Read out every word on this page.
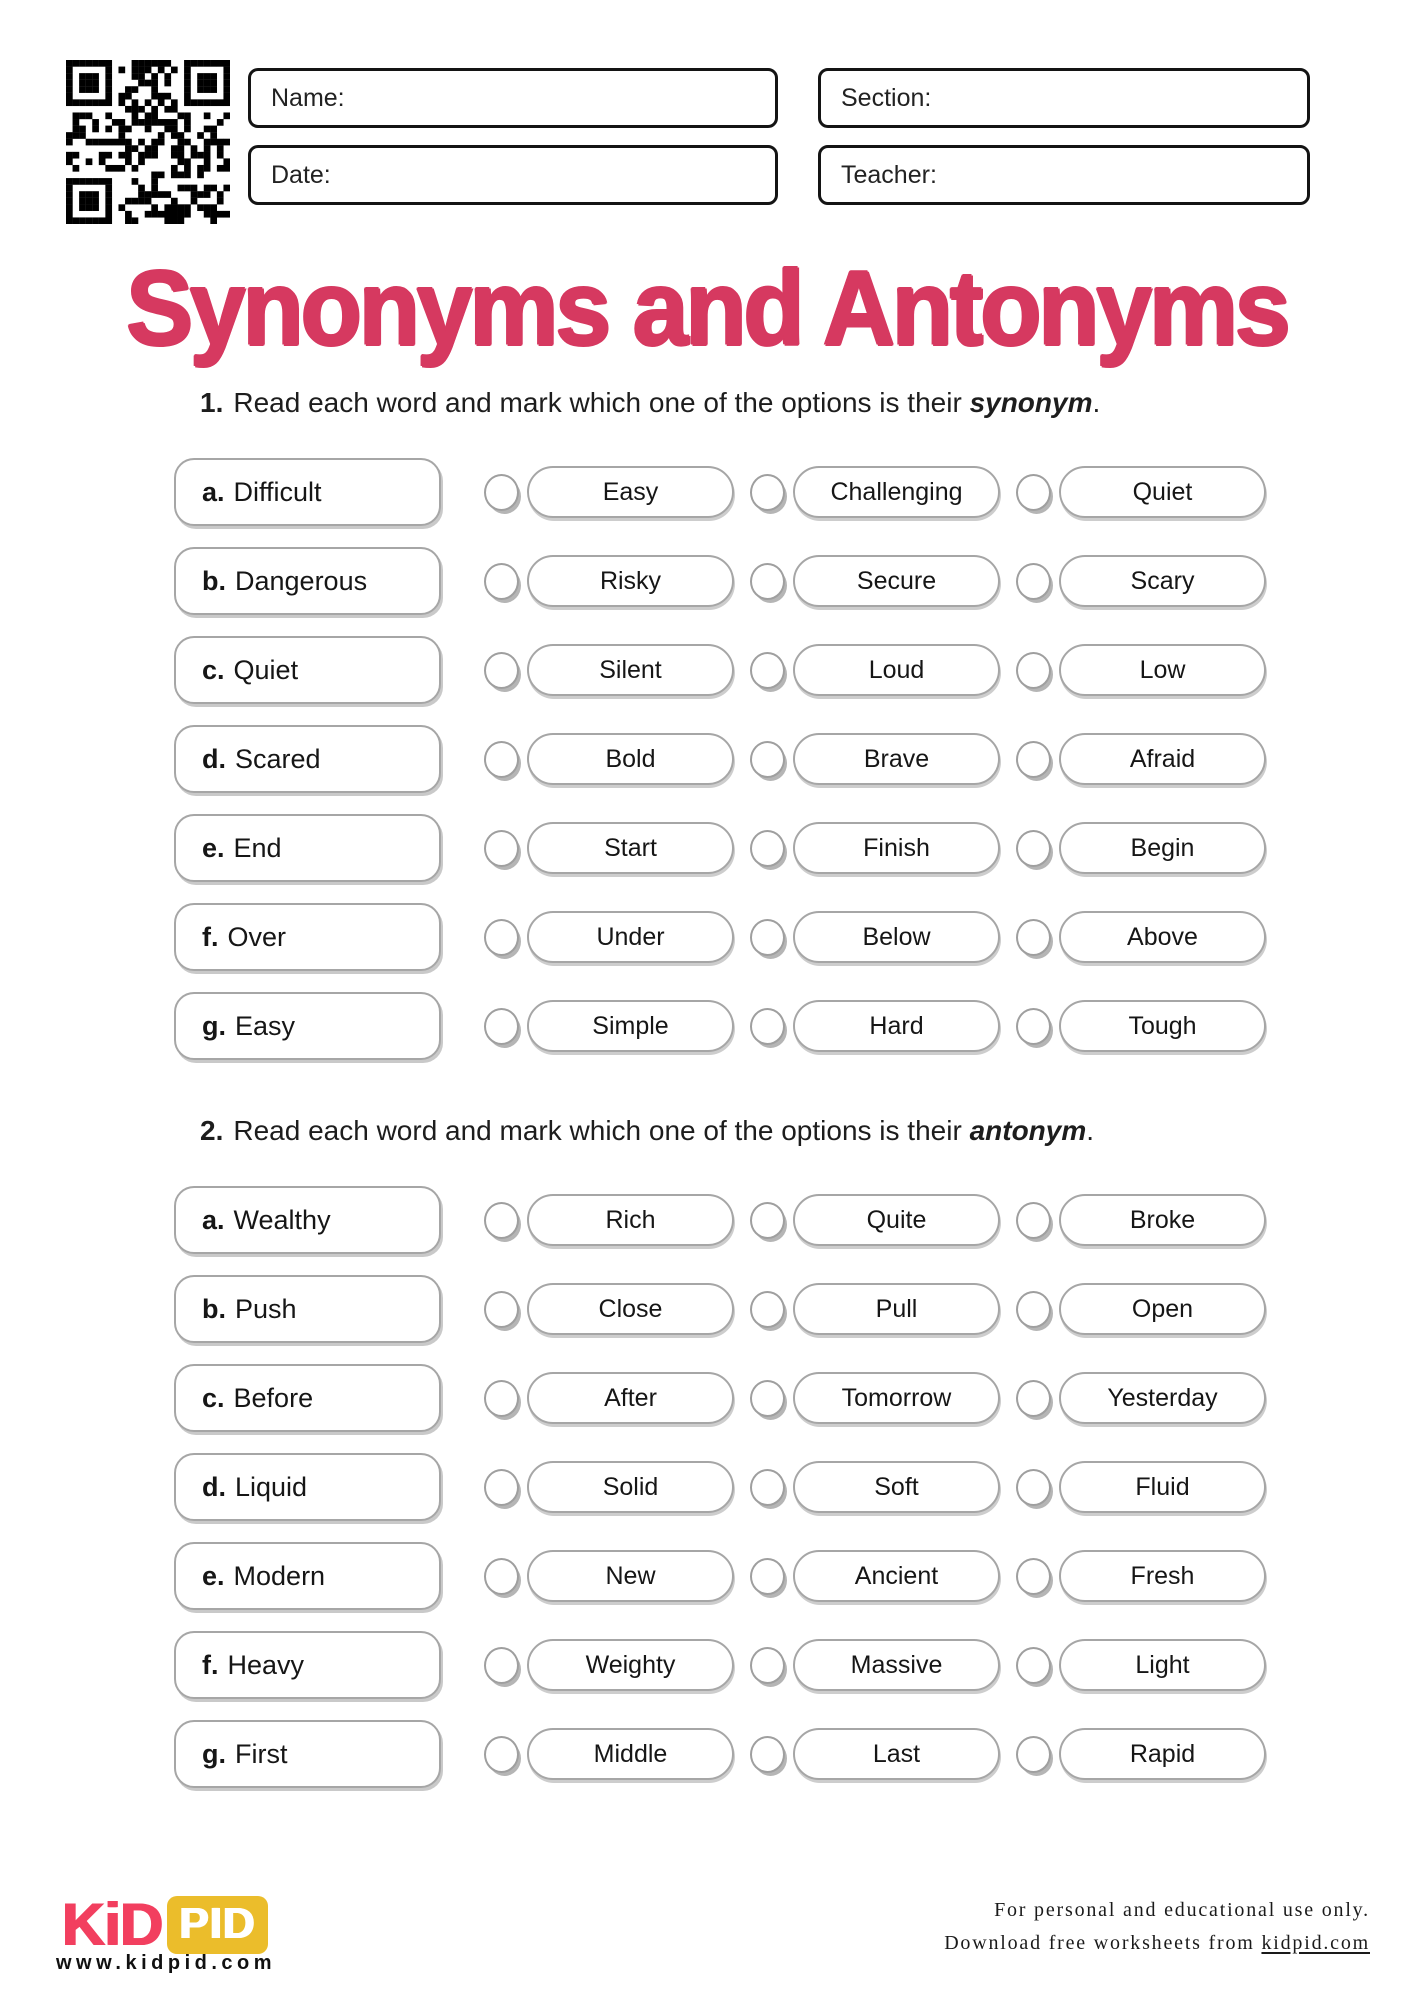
Name:	Section:
Date:	Teacher:
Synonyms and Antonyms

1. Read each word and mark which one of the options is their synonym.

a. Difficult	Easy	Challenging	Quiet
b. Dangerous	Risky	Secure	Scary
c. Quiet	Silent	Loud	Low
d. Scared	Bold	Brave	Afraid
e. End	Start	Finish	Begin
f. Over	Under	Below	Above
g. Easy	Simple	Hard	Tough

2. Read each word and mark which one of the options is their antonym.

a. Wealthy	Rich	Quite	Broke
b. Push	Close	Pull	Open
c. Before	After	Tomorrow	Yesterday
d. Liquid	Solid	Soft	Fluid
e. Modern	New	Ancient	Fresh
f. Heavy	Weighty	Massive	Light
g. First	Middle	Last	Rapid
KiD PID
www.kidpid.com
For personal and educational use only.
Download free worksheets from kidpid.com
